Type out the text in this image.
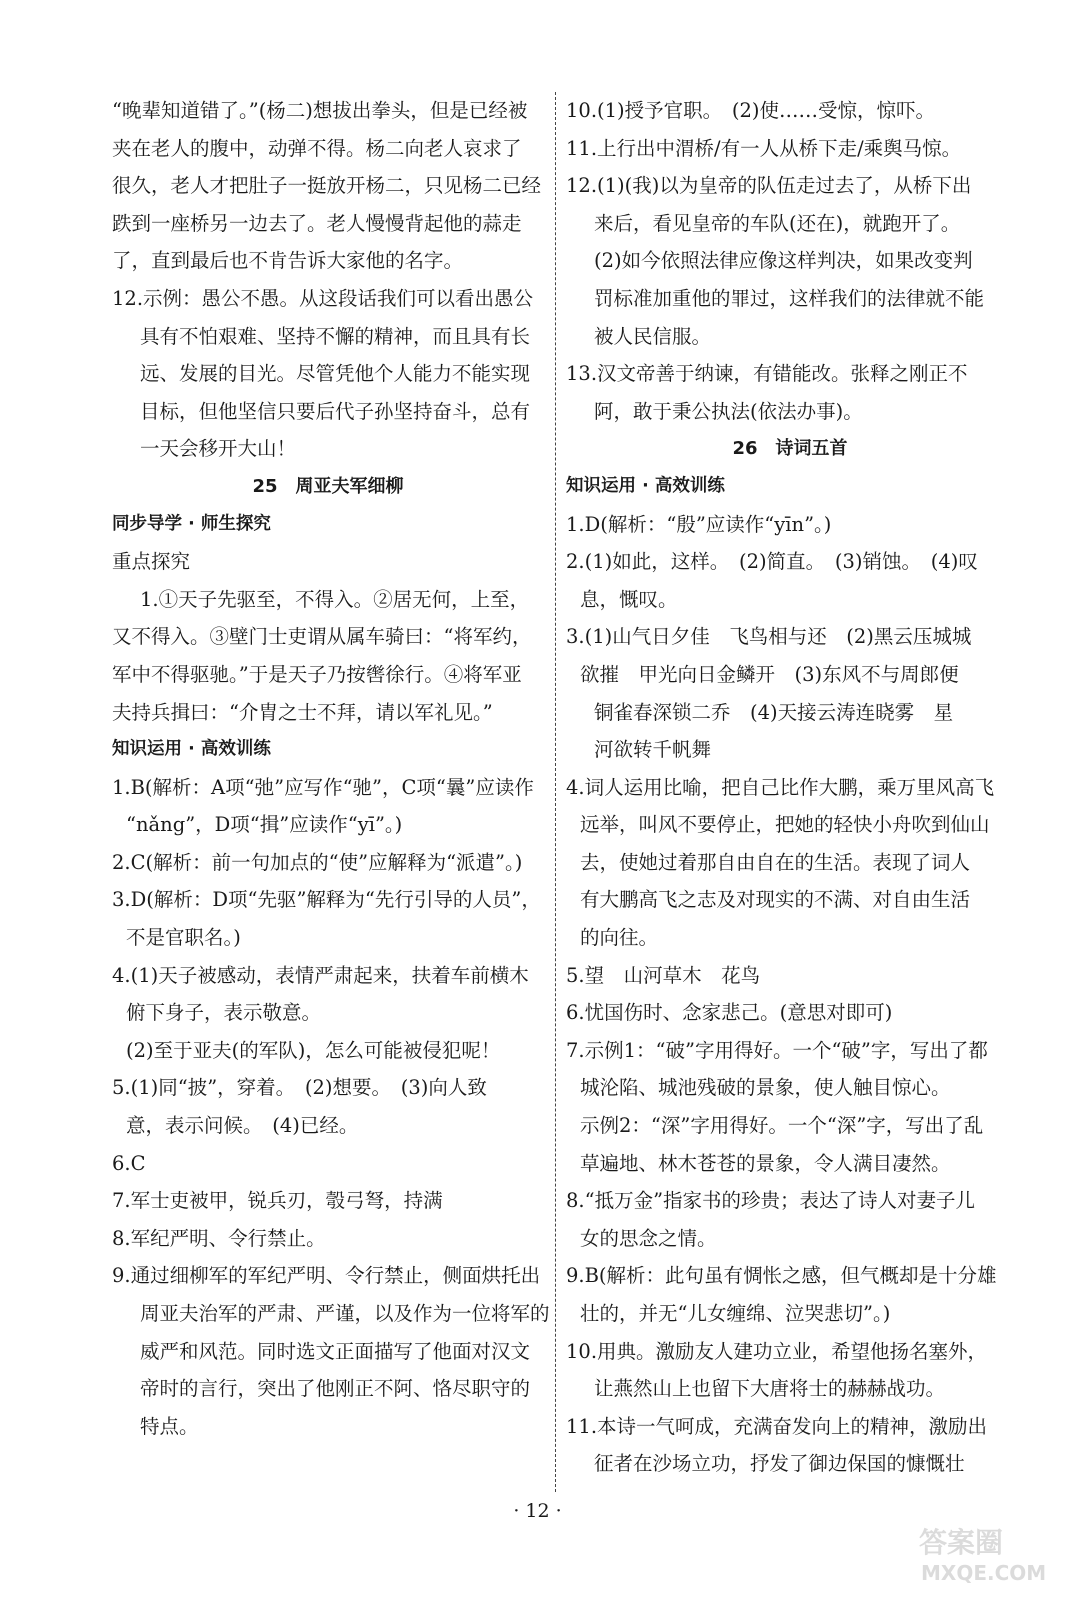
“晚辈知道错了。”(杨二)想拔出拳头，但是已经被
夹在老人的腹中，动弹不得。杨二向老人哀求了
很久，老人才把肚子一挺放开杨二，只见杨二已经
跌到一座桥另一边去了。老人慢慢背起他的蒜走
了，直到最后也不肯告诉大家他的名字。
12.示例：愚公不愚。从这段话我们可以看出愚公
具有不怕艰难、坚持不懈的精神，而且具有长
远、发展的目光。尽管凭他个人能力不能实现
目标，但他坚信只要后代子孙坚持奋斗，总有
一天会移开大山！
25　周亚夫军细柳
同步导学 · 师生探究
重点探究
1.①天子先驱至，不得入。②居无何，上至，
又不得入。③壁门士吏谓从属车骑曰：“将军约，
军中不得驱驰。”于是天子乃按辔徐行。④将军亚
夫持兵揖曰：“介胄之士不拜，请以军礼见。”
知识运用 · 高效训练
1.B(解析：A项“弛”应写作“驰”，C项“曩”应读作
“nǎng”，D项“揖”应读作“yī”。)
2.C(解析：前一句加点的“使”应解释为“派遣”。)
3.D(解析：D项“先驱”解释为“先行引导的人员”，
不是官职名。)
4.(1)天子被感动，表情严肃起来，扶着车前横木
俯下身子，表示敬意。
(2)至于亚夫(的军队)，怎么可能被侵犯呢！
5.(1)同“披”，穿着。　(2)想要。　(3)向人致
意，表示问候。　(4)已经。
6.C
7.军士吏被甲，锐兵刃，彀弓弩，持满
8.军纪严明、令行禁止。
9.通过细柳军的军纪严明、令行禁止，侧面烘托出
周亚夫治军的严肃、严谨，以及作为一位将军的
威严和风范。同时选文正面描写了他面对汉文
帝时的言行，突出了他刚正不阿、恪尽职守的
特点。
10.(1)授予官职。　(2)使……受惊，惊吓。
11.上行出中渭桥/有一人从桥下走/乘舆马惊。
12.(1)(我)以为皇帝的队伍走过去了，从桥下出
来后，看见皇帝的车队(还在)，就跑开了。
(2)如今依照法律应像这样判决，如果改变判
罚标准加重他的罪过，这样我们的法律就不能
被人民信服。
13.汉文帝善于纳谏，有错能改。张释之刚正不
阿，敢于秉公执法(依法办事)。
26　诗词五首
知识运用 · 高效训练
1.D(解析：“殷”应读作“yīn”。)
2.(1)如此，这样。　(2)简直。　(3)销蚀。　(4)叹
息，慨叹。
3.(1)山气日夕佳　飞鸟相与还　(2)黑云压城城
欲摧　甲光向日金鳞开　(3)东风不与周郎便
铜雀春深锁二乔　(4)天接云涛连晓雾　星
河欲转千帆舞
4.词人运用比喻，把自己比作大鹏，乘万里风高飞
远举，叫风不要停止，把她的轻快小舟吹到仙山
去，使她过着那自由自在的生活。表现了词人
有大鹏高飞之志及对现实的不满、对自由生活
的向往。
5.望　山河草木　花鸟
6.忧国伤时、念家悲己。(意思对即可)
7.示例1：“破”字用得好。一个“破”字，写出了都
城沦陷、城池残破的景象，使人触目惊心。
示例2：“深”字用得好。一个“深”字，写出了乱
草遍地、林木苍苍的景象，令人满目凄然。
8.“抵万金”指家书的珍贵；表达了诗人对妻子儿
女的思念之情。
9.B(解析：此句虽有惆怅之感，但气概却是十分雄
壮的，并无“儿女缠绵、泣哭悲切”。)
10.用典。激励友人建功立业，希望他扬名塞外，
让燕然山上也留下大唐将士的赫赫战功。
11.本诗一气呵成，充满奋发向上的精神，激励出
征者在沙场立功，抒发了御边保国的慷慨壮
· 12 ·
答案圈
MXQE.COM
